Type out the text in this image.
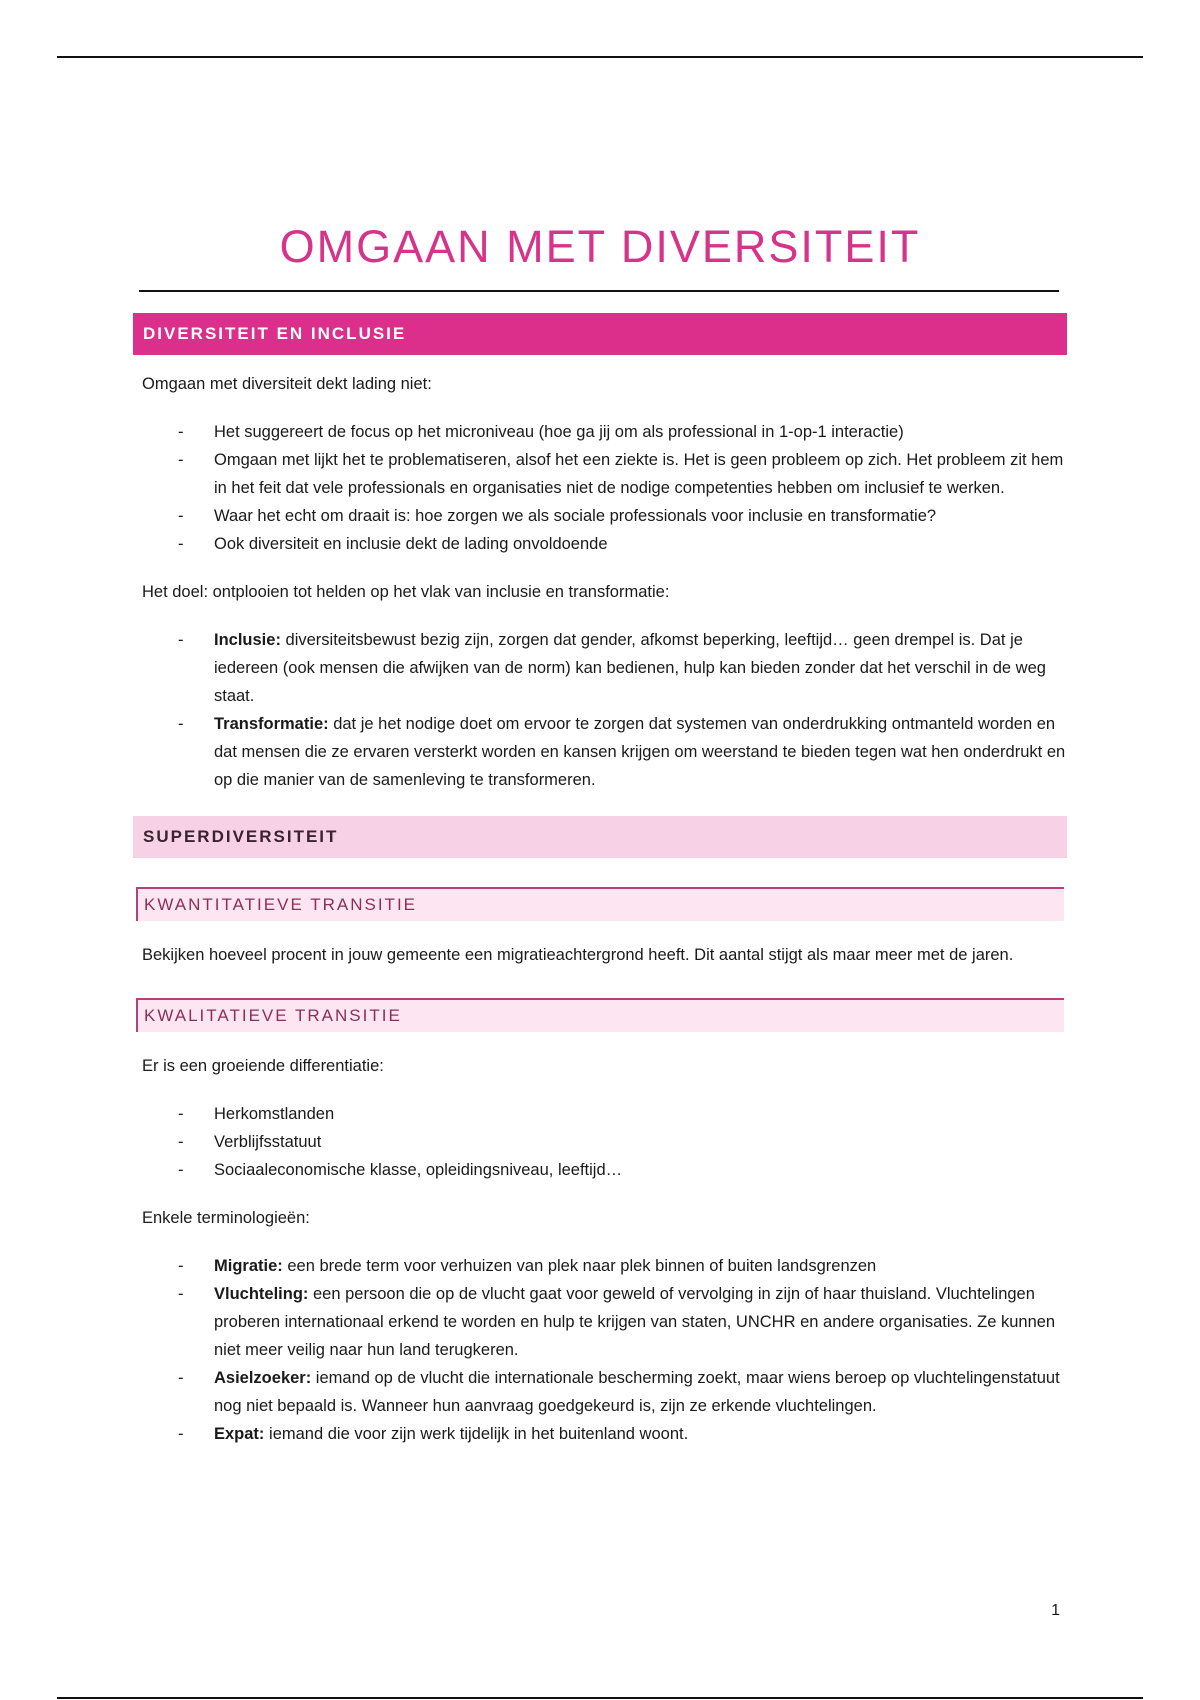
OMGAAN MET DIVERSITEIT
DIVERSITEIT EN INCLUSIE

Omgaan met diversiteit dekt lading niet:

- Het suggereert de focus op het microniveau (hoe ga jij om als professional in 1-op-1 interactie)
- Omgaan met lijkt het te problematiseren, alsof het een ziekte is. Het is geen probleem op zich. Het probleem zit hem in het feit dat vele professionals en organisaties niet de nodige competenties hebben om inclusief te werken.
- Waar het echt om draait is: hoe zorgen we als sociale professionals voor inclusie en transformatie?
- Ook diversiteit en inclusie dekt de lading onvoldoende

Het doel: ontplooien tot helden op het vlak van inclusie en transformatie:

- Inclusie: diversiteitsbewust bezig zijn, zorgen dat gender, afkomst beperking, leeftijd… geen drempel is. Dat je iedereen (ook mensen die afwijken van de norm) kan bedienen, hulp kan bieden zonder dat het verschil in de weg staat.
- Transformatie: dat je het nodige doet om ervoor te zorgen dat systemen van onderdrukking ontmanteld worden en dat mensen die ze ervaren versterkt worden en kansen krijgen om weerstand te bieden tegen wat hen onderdrukt en op die manier van de samenleving te transformeren.
SUPERDIVERSITEIT
KWANTITATIEVE TRANSITIE

Bekijken hoeveel procent in jouw gemeente een migratieachtergrond heeft. Dit aantal stijgt als maar meer met de jaren.

KWALITATIEVE TRANSITIE

Er is een groeiende differentiatie:

- Herkomstlanden
- Verblijfsstatuut
- Sociaaleconomische klasse, opleidingsniveau, leeftijd…

Enkele terminologieën:

- Migratie: een brede term voor verhuizen van plek naar plek binnen of buiten landsgrenzen
- Vluchteling: een persoon die op de vlucht gaat voor geweld of vervolging in zijn of haar thuisland. Vluchtelingen proberen internationaal erkend te worden en hulp te krijgen van staten, UNCHR en andere organisaties. Ze kunnen niet meer veilig naar hun land terugkeren.
- Asielzoeker: iemand op de vlucht die internationale bescherming zoekt, maar wiens beroep op vluchtelingenstatuut nog niet bepaald is. Wanneer hun aanvraag goedgekeurd is, zijn ze erkende vluchtelingen.
- Expat: iemand die voor zijn werk tijdelijk in het buitenland woont.
1
